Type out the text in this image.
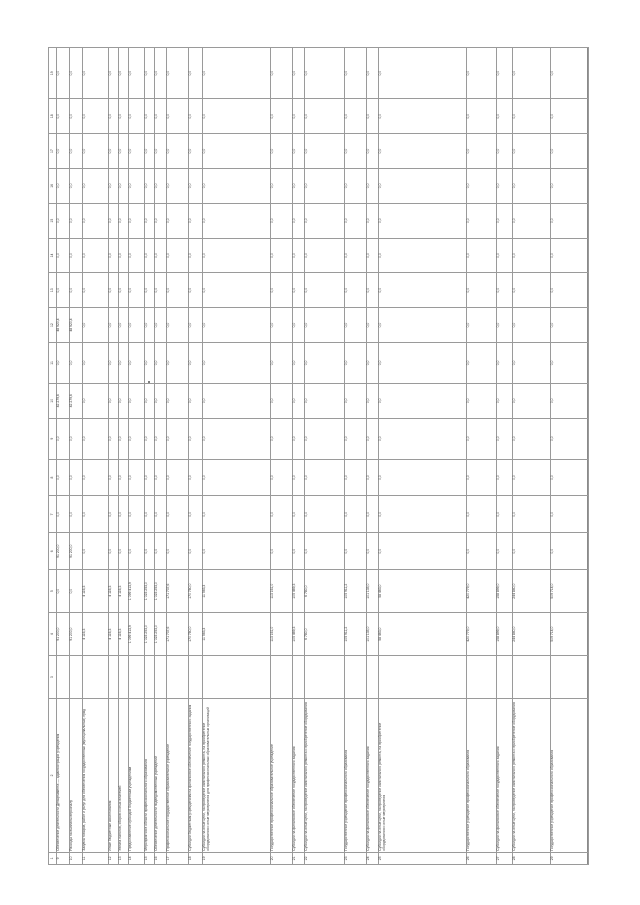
1	2	3	4	5	6	7	8	9	10	11	12	13	14	15	16	17	18	19
9	Обеспечение деятельности Департамента — администрации учреждения		91 200,0	0,0	91 200,0	0,0	0,0	0,0	42 279,6	0,0	48 920,4	0,0	0,0	0,0	0,0	0,0	0,0	0,0
10	Расходы на выплаты персоналу		91 200,0	0,0	91 200,0	0,0	0,0	0,0	42 279,6	0,0	48 920,4	0,0	0,0	0,0	0,0	0,0	0,0	0,0
11	Закупка товаров, работ и услуг для обеспечения государственных (муниципальных) нужд		4 116,3	4 116,3	0,0	0,0	0,0	0,0	0,0	0,0	0,0	0,0	0,0	0,0	0,0	0,0	0,0	0,0
12	Иные бюджетные ассигнования		4 116,3	4 116,3	0,0	0,0	0,0	0,0	0,0	0,0	0,0	0,0	0,0	0,0	0,0	0,0	0,0	0,0
13	Уплата налогов, сборов и иных платежей		4 116,3	4 116,3	0,0	0,0	0,0	0,0	0,0	0,0	0,0	0,0	0,0	0,0	0,0	0,0	0,0	0,0
14	Предоставление субсидий бюджетным учреждениям		1 099 413,9	1 099 413,9	0,0	0,0	0,0	0,0	0,0	0,0	0,0	0,0	0,0	0,0	0,0	0,0	0,0	0,0
15	Мероприятия в области профессионального образования		1 023 253,0	1 023 253,0	0,0	0,0	0,0	0,0	0,0	0,0	0,0	0,0	0,0	0,0	0,0	0,0	0,0	0,0
16	Обеспечение деятельности подведомственных учреждений		1 023 253,0	1 023 253,0	0,0	0,0	0,0	0,0	0,0	0,0	0,0	0,0	0,0	0,0	0,0	0,0	0,0	0,0
17	Профессиональное государственное образовательное учреждение		171 737,6	171 737,6	0,0	0,0	0,0	0,0	0,0	0,0	0,0	0,0	0,0	0,0	0,0	0,0	0,0	0,0
18	Субсидии бюджетным учреждениям на финансовое обеспечение государственного задания		170 780,0	170 780,0	0,0	0,0	0,0	0,0	0,0	0,0	0,0	0,0	0,0	0,0	0,0	0,0	0,0	0,0
19	Субсидии на иные цели, на проведение капитального ремонта, на приобретение оборудования и иные мероприятия для профессиональных образовательных организаций		11 563,3	11 563,3	0,0	0,0	0,0	0,0	0,0	0,0	0,0	0,0	0,0	0,0	0,0	0,0	0,0	0,0
20	Государственное профессиональное образовательное учреждение		113 161,0	113 161,0	0,0	0,0	0,0	0,0	0,0	0,0	0,0	0,0	0,0	0,0	0,0	0,0	0,0	0,0
21	Субсидии на финансовое обеспечение государственного задания		105 469,3	105 469,3	0,0	0,0	0,0	0,0	0,0	0,0	0,0	0,0	0,0	0,0	0,0	0,0	0,0	0,0
22	Субсидии на иные цели, на проведение капитального ремонта и приобретение оборудования		6 780,0	6 780,0	0,0	0,0	0,0	0,0	0,0	0,0	0,0	0,0	0,0	0,0	0,0	0,0	0,0	0,0
23	Государственное учреждение профессионального образования		105 911,2	105 911,2	0,0	0,0	0,0	0,0	0,0	0,0	0,0	0,0	0,0	0,0	0,0	0,0	0,0	0,0
24	Субсидии на финансовое обеспечение государственного задания		101 135,0	101 135,0	0,0	0,0	0,0	0,0	0,0	0,0	0,0	0,0	0,0	0,0	0,0	0,0	0,0	0,0
25	Субсидии на иные цели, на проведение капитального ремонта, на приобретение оборудования и иные мероприятия		58 463,0	58 463,0	0,0	0,0	0,0	0,0	0,0	0,0	0,0	0,0	0,0	0,0	0,0	0,0	0,0	0,0
26	Государственное учреждение профессионального образования		420 779,0	420 779,0	0,0	0,0	0,0	0,0	0,0	0,0	0,0	0,0	0,0	0,0	0,0	0,0	0,0	0,0
27	Субсидии на финансовое обеспечение государственного задания		158 899,0	158 899,0	0,0	0,0	0,0	0,0	0,0	0,0	0,0	0,0	0,0	0,0	0,0	0,0	0,0	0,0
28	Субсидии на иные цели, на проведение капитального ремонта и приобретение оборудования		244 840,0	244 840,0	0,0	0,0	0,0	0,0	0,0	0,0	0,0	0,0	0,0	0,0	0,0	0,0	0,0	0,0
29	Государственное учреждение профессионального образования		509 714,0	509 714,0	0,0	0,0	0,0	0,0	0,0	0,0	0,0	0,0	0,0	0,0	0,0	0,0	0,0	0,0
